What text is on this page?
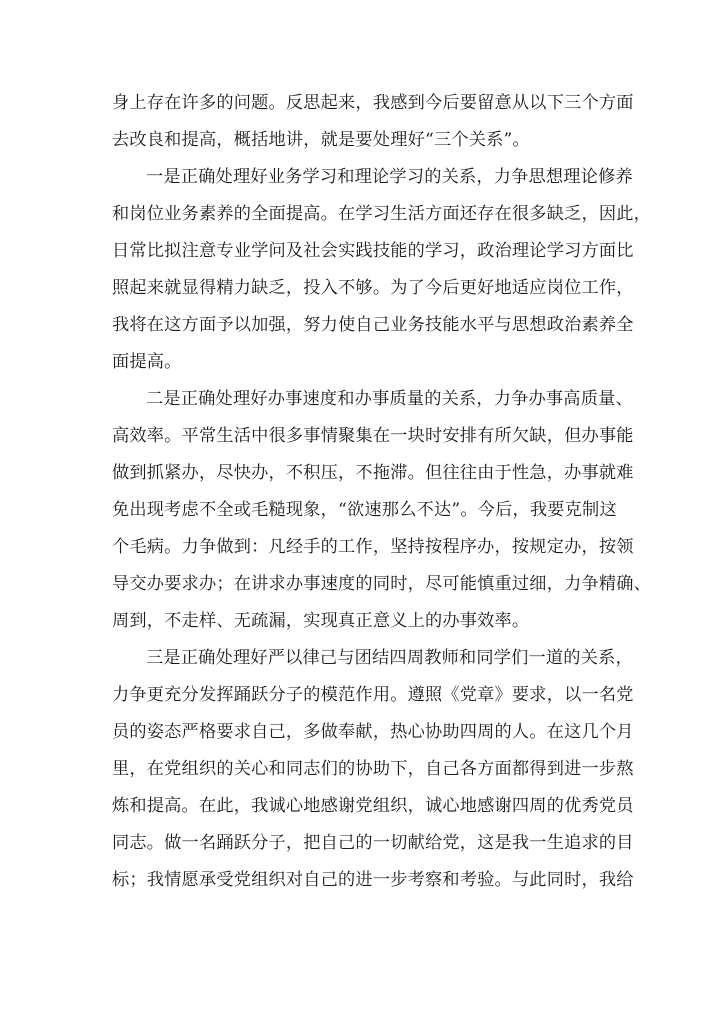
身上存在许多的问题。反思起来，我感到今后要留意从以下三个方面
去改良和提高，概括地讲，就是要处理好“三个关系”。
一是正确处理好业务学习和理论学习的关系，力争思想理论修养
和岗位业务素养的全面提高。在学习生活方面还存在很多缺乏，因此，
日常比拟注意专业学问及社会实践技能的学习，政治理论学习方面比
照起来就显得精力缺乏，投入不够。为了今后更好地适应岗位工作，
我将在这方面予以加强，努力使自己业务技能水平与思想政治素养全
面提高。
二是正确处理好办事速度和办事质量的关系，力争办事高质量、
高效率。平常生活中很多事情聚集在一块时安排有所欠缺，但办事能
做到抓紧办，尽快办，不积压，不拖滞。但往往由于性急，办事就难
免出现考虑不全或毛糙现象，“欲速那么不达”。今后，我要克制这
个毛病。力争做到：凡经手的工作，坚持按程序办，按规定办，按领
导交办要求办；在讲求办事速度的同时，尽可能慎重过细，力争精确、
周到，不走样、无疏漏，实现真正意义上的办事效率。
三是正确处理好严以律己与团结四周教师和同学们一道的关系，
力争更充分发挥踊跃分子的模范作用。遵照《党章》要求，以一名党
员的姿态严格要求自己，多做奉献，热心协助四周的人。在这几个月
里，在党组织的关心和同志们的协助下，自己各方面都得到进一步熬
炼和提高。在此，我诚心地感谢党组织，诚心地感谢四周的优秀党员
同志。做一名踊跃分子，把自己的一切献给党，这是我一生追求的目
标；我情愿承受党组织对自己的进一步考察和考验。与此同时，我给
